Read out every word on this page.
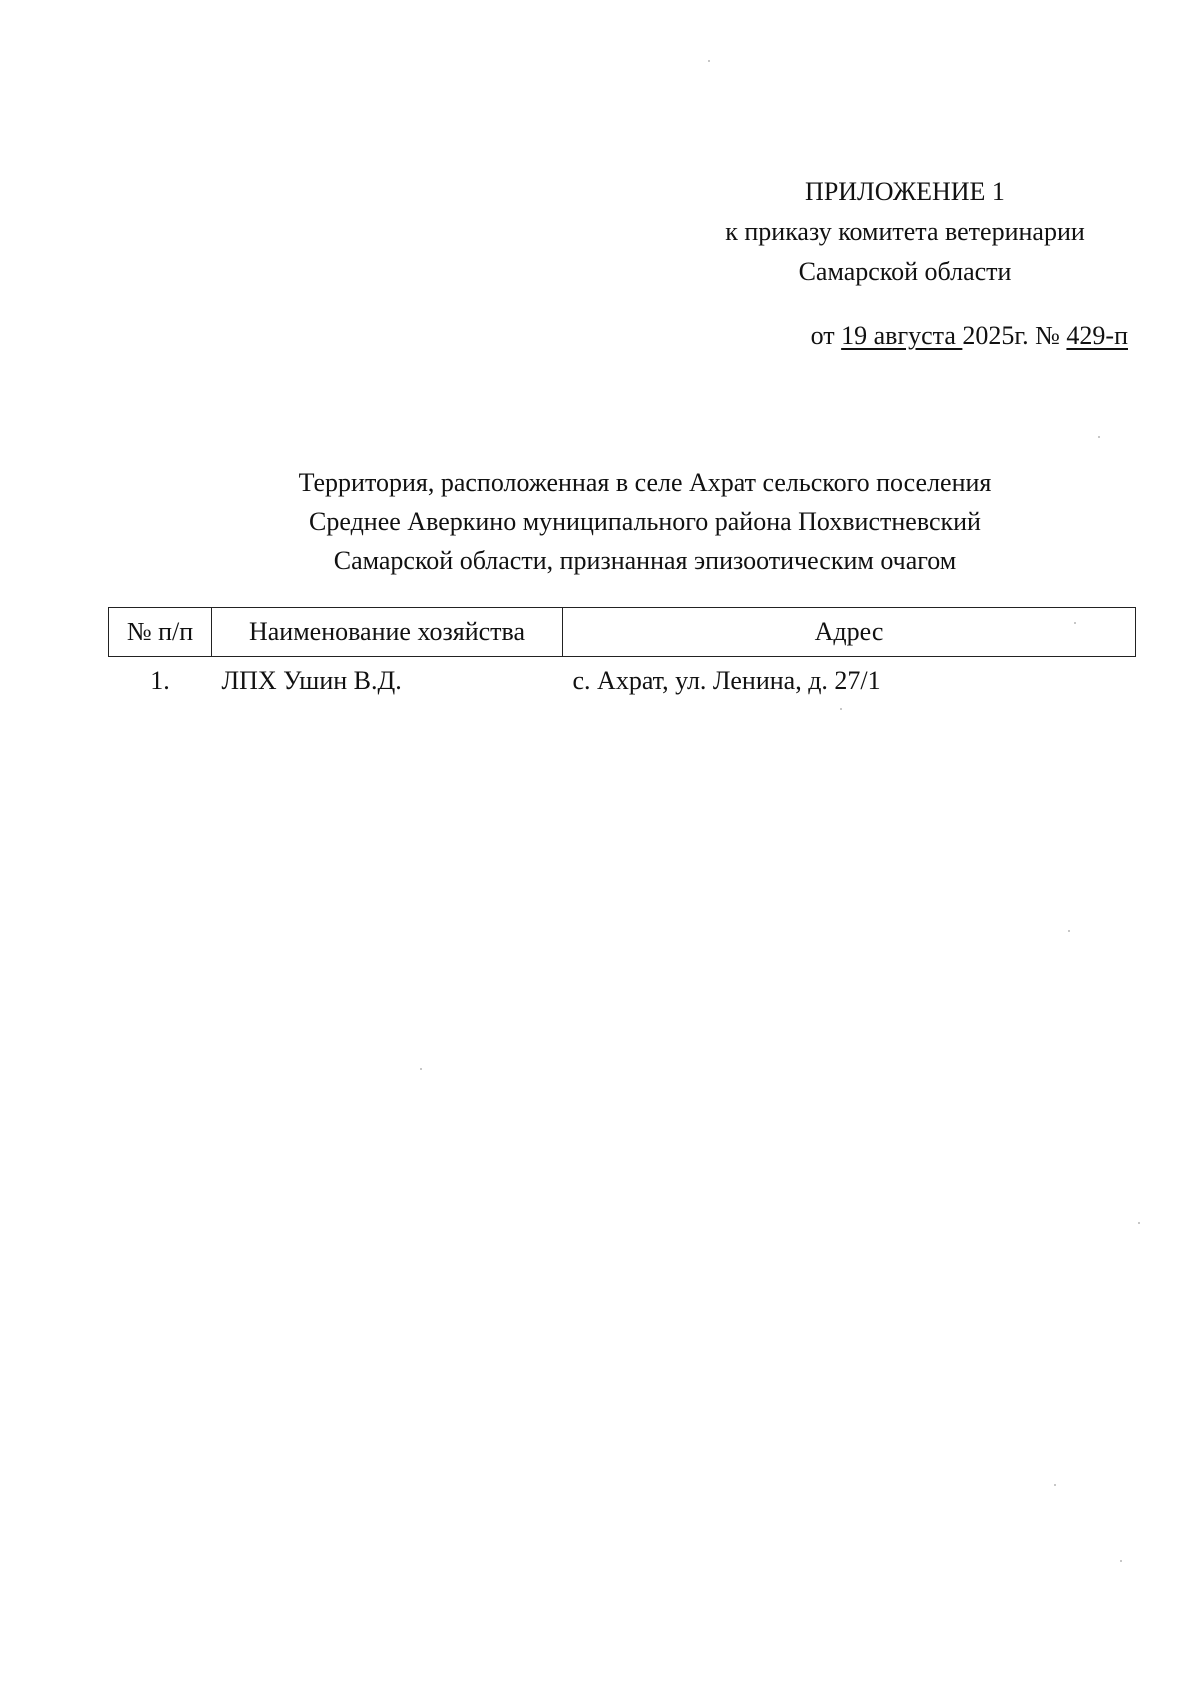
ПРИЛОЖЕНИЕ 1
к приказу комитета ветеринарии
Самарской области
от 19 августа 2025г. № 429-п
Территория, расположенная в селе Ахрат сельского поселения
Среднее Аверкино муниципального района Похвистневский
Самарской области, признанная эпизоотическим очагом
№ п/п	Наименование хозяйства	Адрес
1.	ЛПХ Ушин В.Д.	с. Ахрат, ул. Ленина, д. 27/1
